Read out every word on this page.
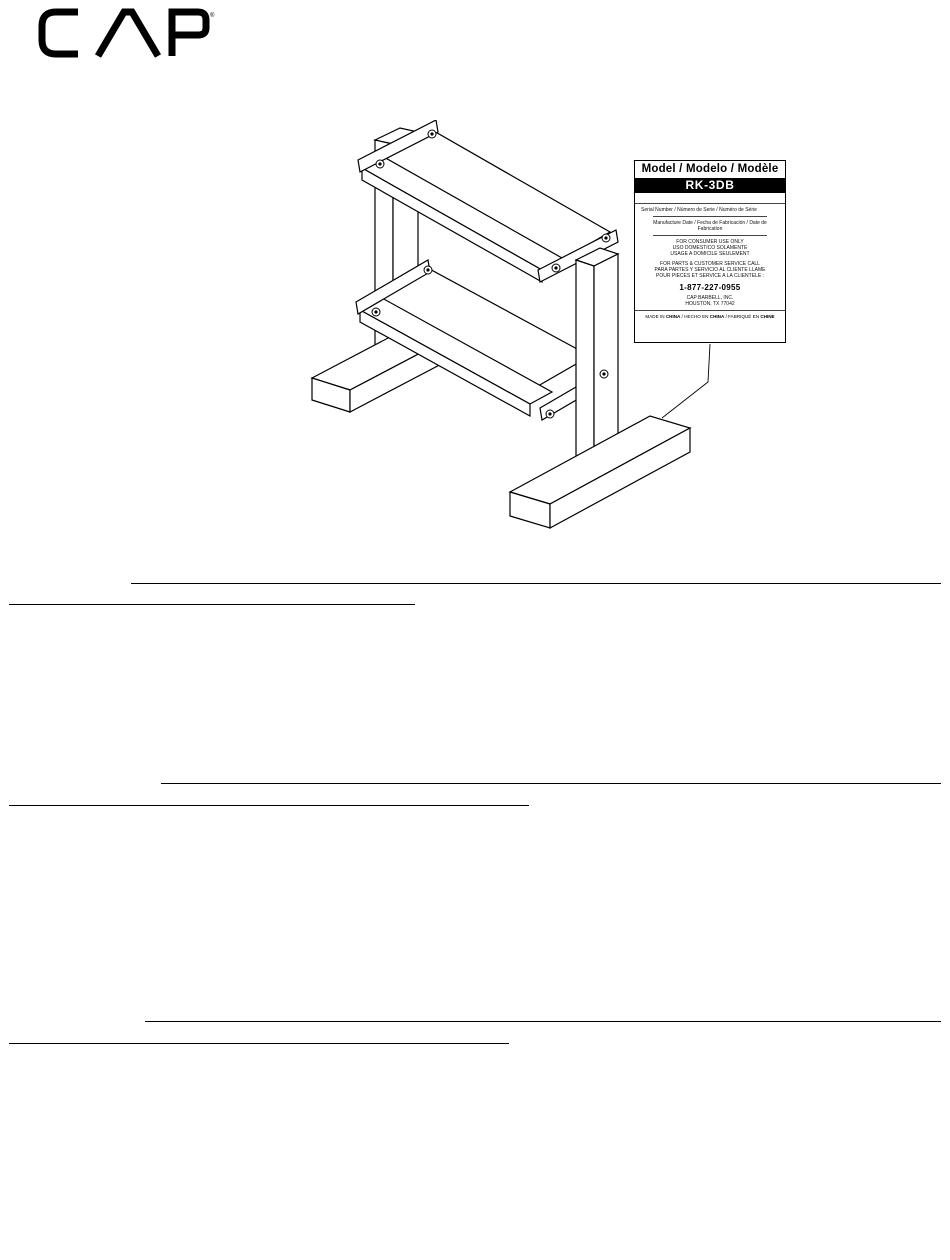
®
Model / Modelo / Modèle
RK-3DB
Serial Number / Número de Serie / Numéro de Série
Manufacture Date / Fecha de Fabricación / Date de Fabrication
FOR CONSUMER USE ONLY
USO DOMESTICO SOLAMENTE
USAGE A DOMICILE SEULEMENT
FOR PARTS & CUSTOMER SERVICE CALL
PARA PARTES Y SERVICIO AL CLIENTE LLAME
POUR PIECES ET SERVICE A LA CLIENTELE :
1-877-227-0955
CAP BARBELL, INC.
HOUSTON, TX 77042
MADE IN CHINA / HECHO EN CHINA / FABRIQUÉ EN CHINE
